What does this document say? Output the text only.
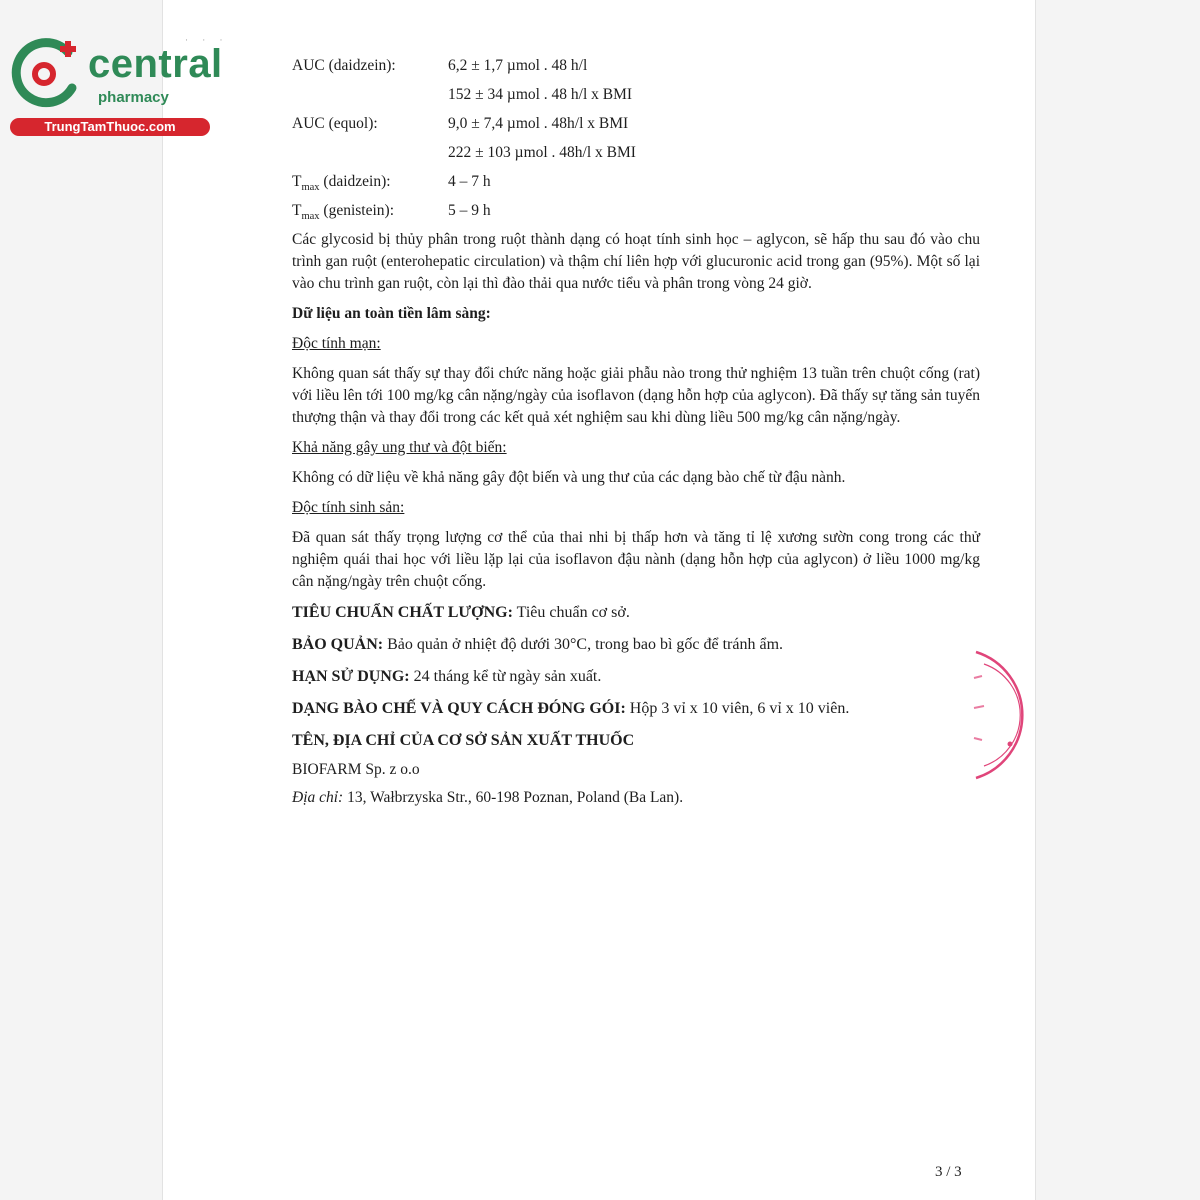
· · ·
central
pharmacy
TrungTamThuoc.com
AUC (daidzein):	6,2 ± 1,7 µmol . 48 h/l
152 ± 34 µmol . 48 h/l x BMI
AUC (equol):	9,0 ± 7,4 µmol . 48h/l x BMI
222 ± 103 µmol . 48h/l x BMI
$T_{max}$ (daidzein):	4 – 7 h
$T_{max}$ (genistein):	5 – 9 h

Các glycosid bị thủy phân trong ruột thành dạng có hoạt tính sinh học – aglycon, sẽ hấp thu sau đó vào chu trình gan ruột (enterohepatic circulation) và thậm chí liên hợp với glucuronic acid trong gan (95%). Một số lại vào chu trình gan ruột, còn lại thì đào thải qua nước tiểu và phân trong vòng 24 giờ.

Dữ liệu an toàn tiền lâm sàng:
Độc tính mạn:

Không quan sát thấy sự thay đổi chức năng hoặc giải phẫu nào trong thử nghiệm 13 tuần trên chuột cống (rat) với liều lên tới 100 mg/kg cân nặng/ngày của isoflavon (dạng hỗn hợp của aglycon). Đã thấy sự tăng sản tuyến thượng thận và thay đổi trong các kết quả xét nghiệm sau khi dùng liều 500 mg/kg cân nặng/ngày.

Khả năng gây ung thư và đột biến:

Không có dữ liệu về khả năng gây đột biến và ung thư của các dạng bào chế từ đậu nành.

Độc tính sinh sản:

Đã quan sát thấy trọng lượng cơ thể của thai nhi bị thấp hơn và tăng tỉ lệ xương sườn cong trong các thử nghiệm quái thai học với liều lặp lại của isoflavon đậu nành (dạng hỗn hợp của aglycon) ở liều 1000 mg/kg cân nặng/ngày trên chuột cống.

TIÊU CHUẨN CHẤT LƯỢNG: Tiêu chuẩn cơ sở.
BẢO QUẢN: Bảo quản ở nhiệt độ dưới 30°C, trong bao bì gốc để tránh ẩm.
HẠN SỬ DỤNG: 24 tháng kể từ ngày sản xuất.
DẠNG BÀO CHẾ VÀ QUY CÁCH ĐÓNG GÓI: Hộp 3 vỉ x 10 viên, 6 vỉ x 10 viên.
TÊN, ĐỊA CHỈ CỦA CƠ SỞ SẢN XUẤT THUỐC
BIOFARM Sp. z o.o
Địa chỉ: 13, Wałbrzyska Str., 60-198 Poznan, Poland (Ba Lan).
3 / 3
